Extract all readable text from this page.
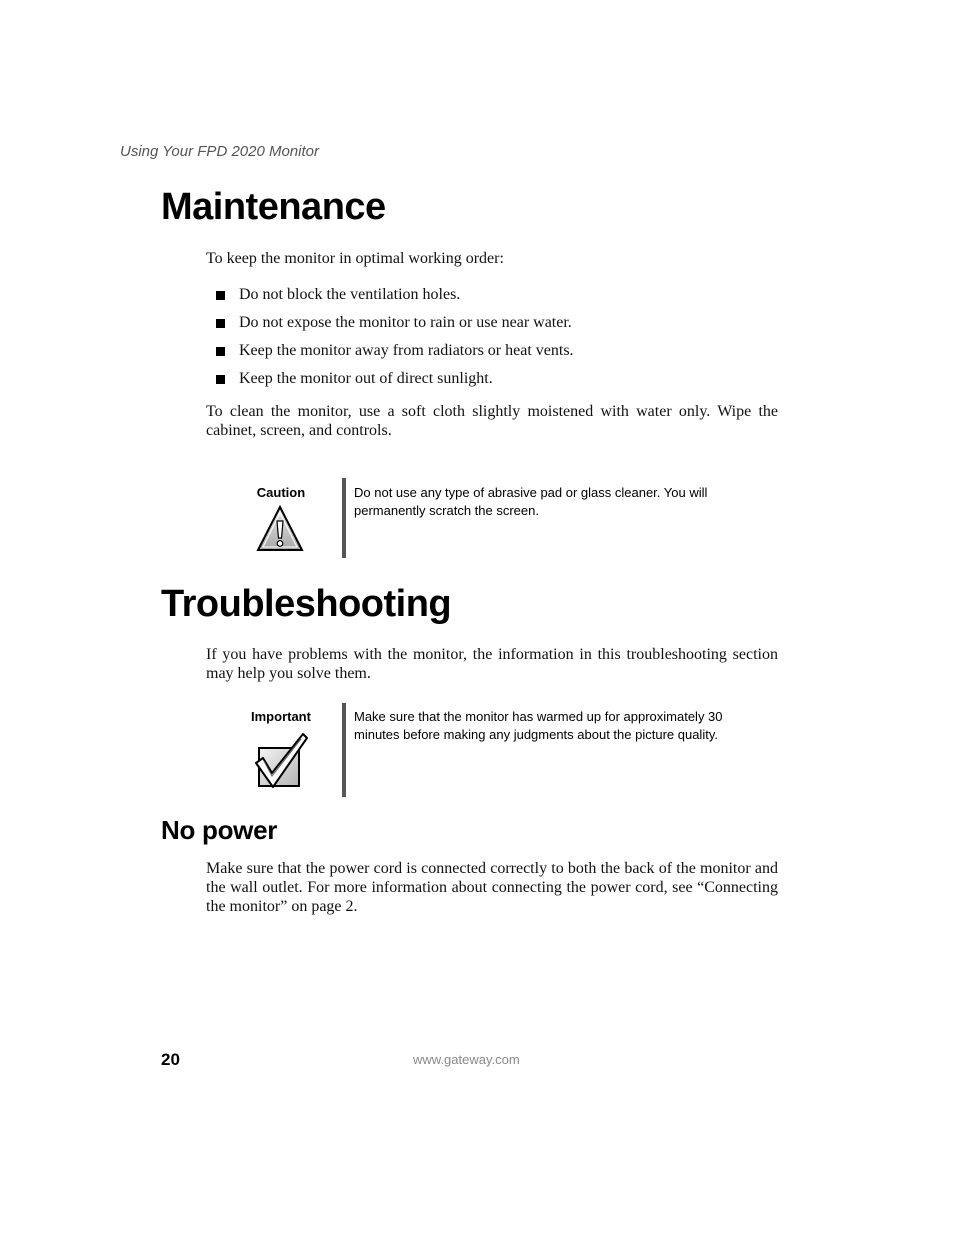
Using Your FPD 2020 Monitor
Maintenance
To keep the monitor in optimal working order:
Do not block the ventilation holes.
Do not expose the monitor to rain or use near water.
Keep the monitor away from radiators or heat vents.
Keep the monitor out of direct sunlight.
To clean the monitor, use a soft cloth slightly moistened with water only. Wipe the cabinet, screen, and controls.
Caution	Do not use any type of abrasive pad or glass cleaner. You will permanently scratch the screen.
Troubleshooting
If you have problems with the monitor, the information in this troubleshooting section may help you solve them.
Important	Make sure that the monitor has warmed up for approximately 30 minutes before making any judgments about the picture quality.
No power
Make sure that the power cord is connected correctly to both the back of the monitor and the wall outlet. For more information about connecting the power cord, see “Connecting the monitor” on page 2.
20	www.gateway.com
